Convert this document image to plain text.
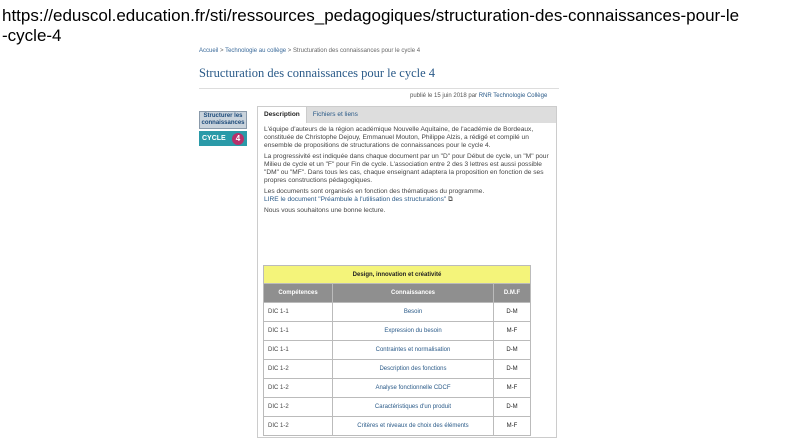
https://eduscol.education.fr/sti/ressources_pedagogiques/structuration-des-connaissances-pour-le
-cycle-4
Accueil > Technologie au collège > Structuration des connaissances pour le cycle 4
Structuration des connaissances pour le cycle 4
publié le 15 juin 2018 par RNR Technologie Collège
Structurer les connaissances
CYCLE	4
Description	Fichiers et liens

L'équipe d'auteurs de la région académique Nouvelle Aquitaine, de l'académie de Bordeaux, constituée de Christophe Dejouy, Emmanuel Mouton, Philippe Alzis, a rédigé et compilé un ensemble de propositions de structurations de connaissances pour le cycle 4.

La progressivité est indiquée dans chaque document par un "D" pour Début de cycle, un "M" pour Milieu de cycle et un "F" pour Fin de cycle. L'association entre 2 des 3 lettres est aussi possible "DM" ou "MF". Dans tous les cas, chaque enseignant adaptera la proposition en fonction de ses propres constructions pédagogiques.

Les documents sont organisés en fonction des thématiques du programme.
LIRE le document "Préambule à l'utilisation des structurations" ⧉

Nous vous souhaitons une bonne lecture.

Design, innovation et créativité		
Compétences	Connaissances	D.M.F
DIC 1-1	Besoin	D-M
DIC 1-1	Expression du besoin	M-F
DIC 1-1	Contraintes et normalisation	D-M
DIC 1-2	Description des fonctions	D-M
DIC 1-2	Analyse fonctionnelle CDCF	M-F
DIC 1-2	Caractéristiques d'un produit	D-M
DIC 1-2	Critères et niveaux de choix des éléments	M-F
